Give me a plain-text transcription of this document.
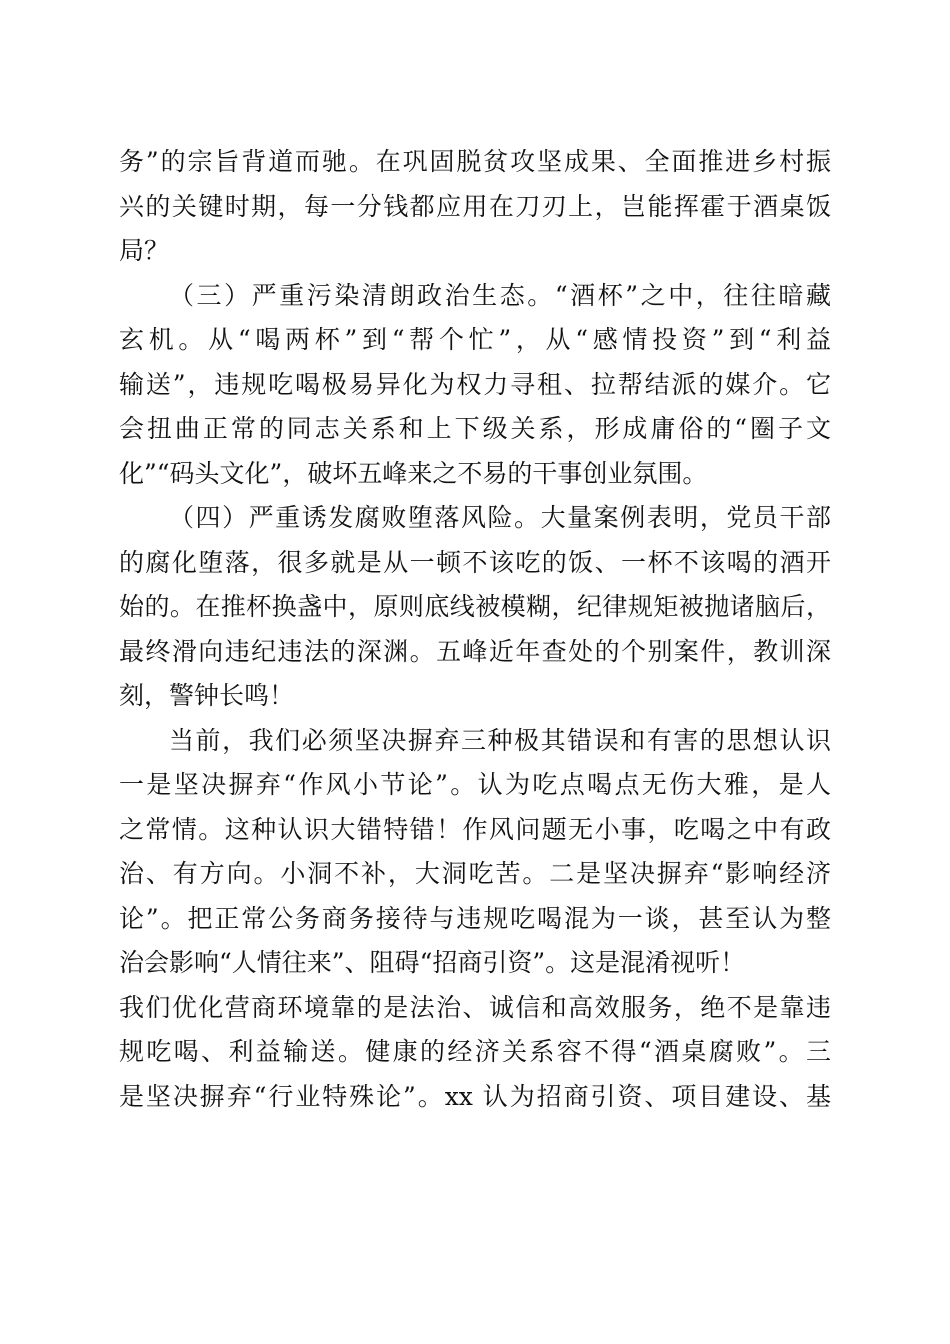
务”的宗旨背道而驰。在巩固脱贫攻坚成果、全面推进乡村振
兴的关键时期，每一分钱都应用在刀刃上，岂能挥霍于酒桌饭
局？
（三）严重污染清朗政治生态。“酒杯”之中，往往暗藏
玄机。从“喝两杯”到“帮个忙”，从“感情投资”到“利益
输送”，违规吃喝极易异化为权力寻租、拉帮结派的媒介。它
会扭曲正常的同志关系和上下级关系，形成庸俗的“圈子文
化”“码头文化”，破坏五峰来之不易的干事创业氛围。
（四）严重诱发腐败堕落风险。大量案例表明，党员干部
的腐化堕落，很多就是从一顿不该吃的饭、一杯不该喝的酒开
始的。在推杯换盏中，原则底线被模糊，纪律规矩被抛诸脑后，
最终滑向违纪违法的深渊。五峰近年查处的个别案件，教训深
刻，警钟长鸣！
当前，我们必须坚决摒弃三种极其错误和有害的思想认识
一是坚决摒弃“作风小节论”。认为吃点喝点无伤大雅，是人
之常情。这种认识大错特错！作风问题无小事，吃喝之中有政
治、有方向。小洞不补，大洞吃苦。二是坚决摒弃“影响经济
论”。把正常公务商务接待与违规吃喝混为一谈，甚至认为整
治会影响“人情往来”、阻碍“招商引资”。这是混淆视听！
我们优化营商环境靠的是法治、诚信和高效服务，绝不是靠违
规吃喝、利益输送。健康的经济关系容不得“酒桌腐败”。三
是坚决摒弃“行业特殊论”。xx 认为招商引资、项目建设、基
